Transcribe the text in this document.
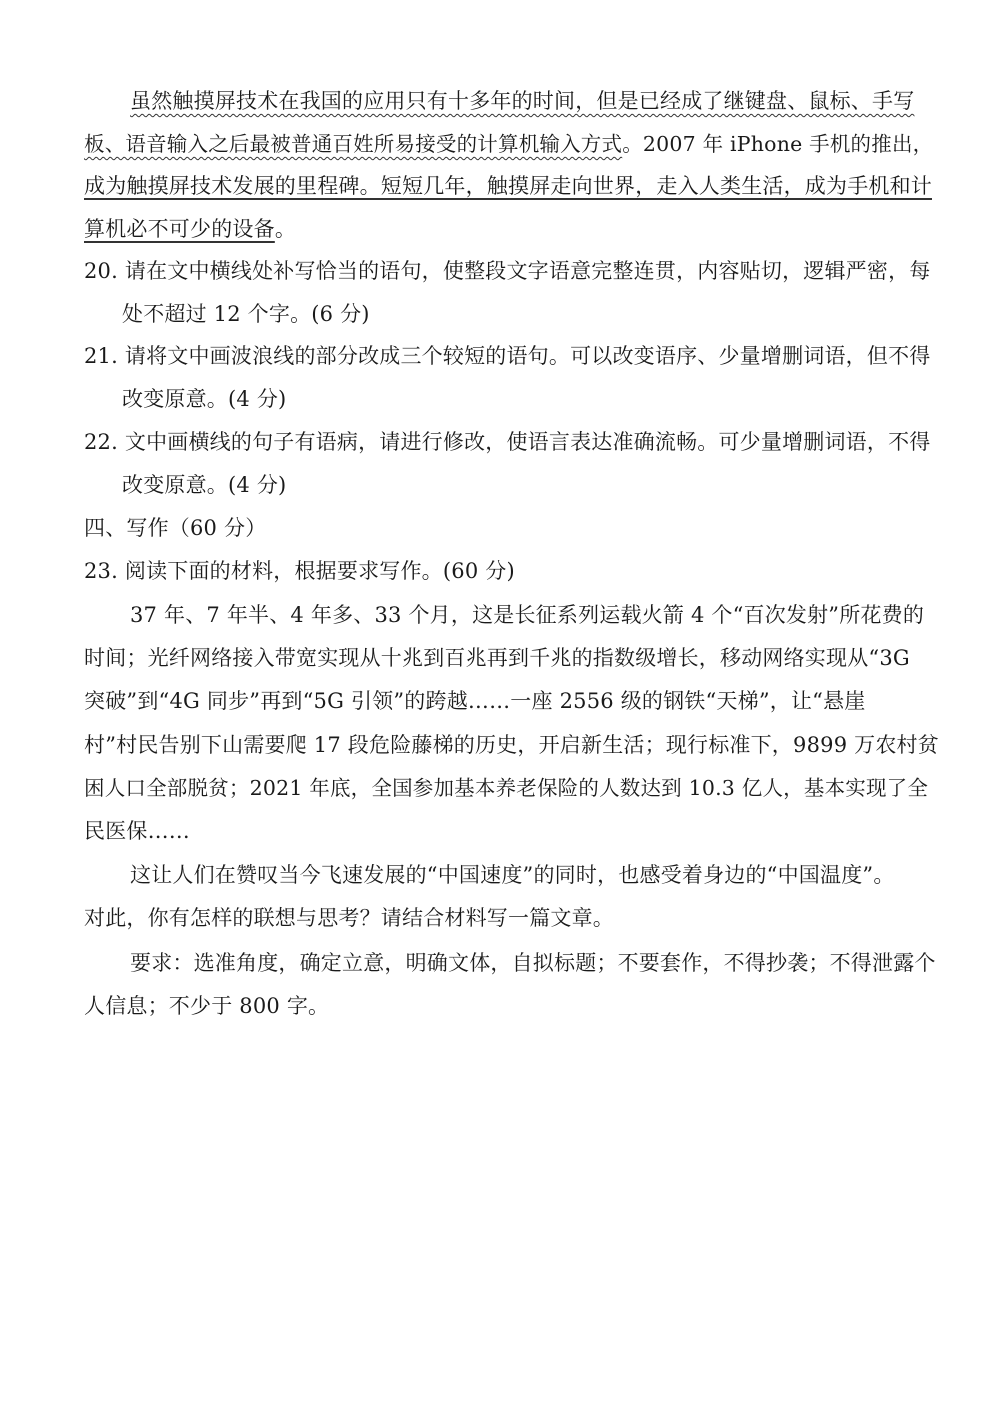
虽然触摸屏技术在我国的应用只有十多年的时间，但是已经成了继键盘、鼠标、手写
板、语音输入之后最被普通百姓所易接受的计算机输入方式。2007 年 iPhone 手机的推出，
成为触摸屏技术发展的里程碑。短短几年，触摸屏走向世界，走入人类生活，成为手机和计
算机必不可少的设备。
20. 请在文中横线处补写恰当的语句，使整段文字语意完整连贯，内容贴切，逻辑严密，每
处不超过 12 个字。(6 分)
21. 请将文中画波浪线的部分改成三个较短的语句。可以改变语序、少量增删词语，但不得
改变原意。(4 分)
22. 文中画横线的句子有语病，请进行修改，使语言表达准确流畅。可少量增删词语，不得
改变原意。(4 分)
四、写作（60 分）
23. 阅读下面的材料，根据要求写作。(60 分)
37 年、7 年半、4 年多、33 个月，这是长征系列运载火箭 4 个“百次发射”所花费的
时间；光纤网络接入带宽实现从十兆到百兆再到千兆的指数级增长，移动网络实现从“3G
突破”到“4G 同步”再到“5G 引领”的跨越……一座 2556 级的钢铁“天梯”，让“悬崖
村”村民告别下山需要爬 17 段危险藤梯的历史，开启新生活；现行标准下，9899 万农村贫
困人口全部脱贫；2021 年底，全国参加基本养老保险的人数达到 10.3 亿人，基本实现了全
民医保……
这让人们在赞叹当今飞速发展的“中国速度”的同时，也感受着身边的“中国温度”。
对此，你有怎样的联想与思考？请结合材料写一篇文章。
要求：选准角度，确定立意，明确文体，自拟标题；不要套作，不得抄袭；不得泄露个
人信息；不少于 800 字。
